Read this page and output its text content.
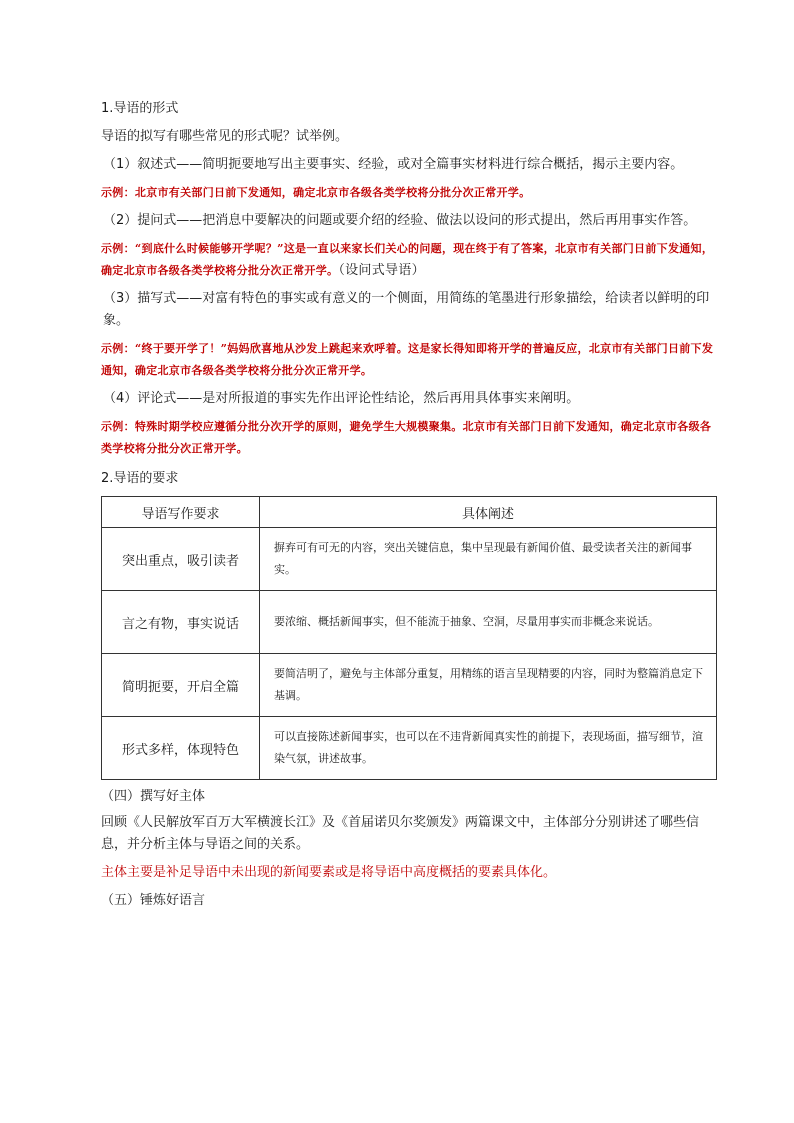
1.导语的形式
导语的拟写有哪些常见的形式呢？试举例。
（1）叙述式——简明扼要地写出主要事实、经验，或对全篇事实材料进行综合概括，揭示主要内容。
示例：北京市有关部门日前下发通知，确定北京市各级各类学校将分批分次正常开学。
（2）提问式——把消息中要解决的问题或要介绍的经验、做法以设问的形式提出，然后再用事实作答。
示例：“到底什么时候能够开学呢？”这是一直以来家长们关心的问题，现在终于有了答案，北京市有关部门日前下发通知，确定北京市各级各类学校将分批分次正常开学。（设问式导语）
（3）描写式——对富有特色的事实或有意义的一个侧面，用简练的笔墨进行形象描绘，给读者以鲜明的印象。
示例：“终于要开学了！”妈妈欣喜地从沙发上跳起来欢呼着。这是家长得知即将开学的普遍反应，北京市有关部门日前下发通知，确定北京市各级各类学校将分批分次正常开学。
（4）评论式——是对所报道的事实先作出评论性结论，然后再用具体事实来阐明。
示例：特殊时期学校应遵循分批分次开学的原则，避免学生大规模聚集。北京市有关部门日前下发通知，确定北京市各级各类学校将分批分次正常开学。
2.导语的要求
导语写作要求	具体阐述
突出重点，吸引读者	摒弃可有可无的内容，突出关键信息，集中呈现最有新闻价值、最受读者关注的新闻事实。
言之有物，事实说话	要浓缩、概括新闻事实，但不能流于抽象、空洞，尽量用事实而非概念来说话。
简明扼要，开启全篇	要简洁明了，避免与主体部分重复，用精练的语言呈现精要的内容，同时为整篇消息定下基调。
形式多样，体现特色	可以直接陈述新闻事实，也可以在不违背新闻真实性的前提下，表现场面，描写细节，渲染气氛，讲述故事。
（四）撰写好主体
回顾《人民解放军百万大军横渡长江》及《首届诺贝尔奖颁发》两篇课文中，主体部分分别讲述了哪些信息，并分析主体与导语之间的关系。
主体主要是补足导语中未出现的新闻要素或是将导语中高度概括的要素具体化。
（五）锤炼好语言
